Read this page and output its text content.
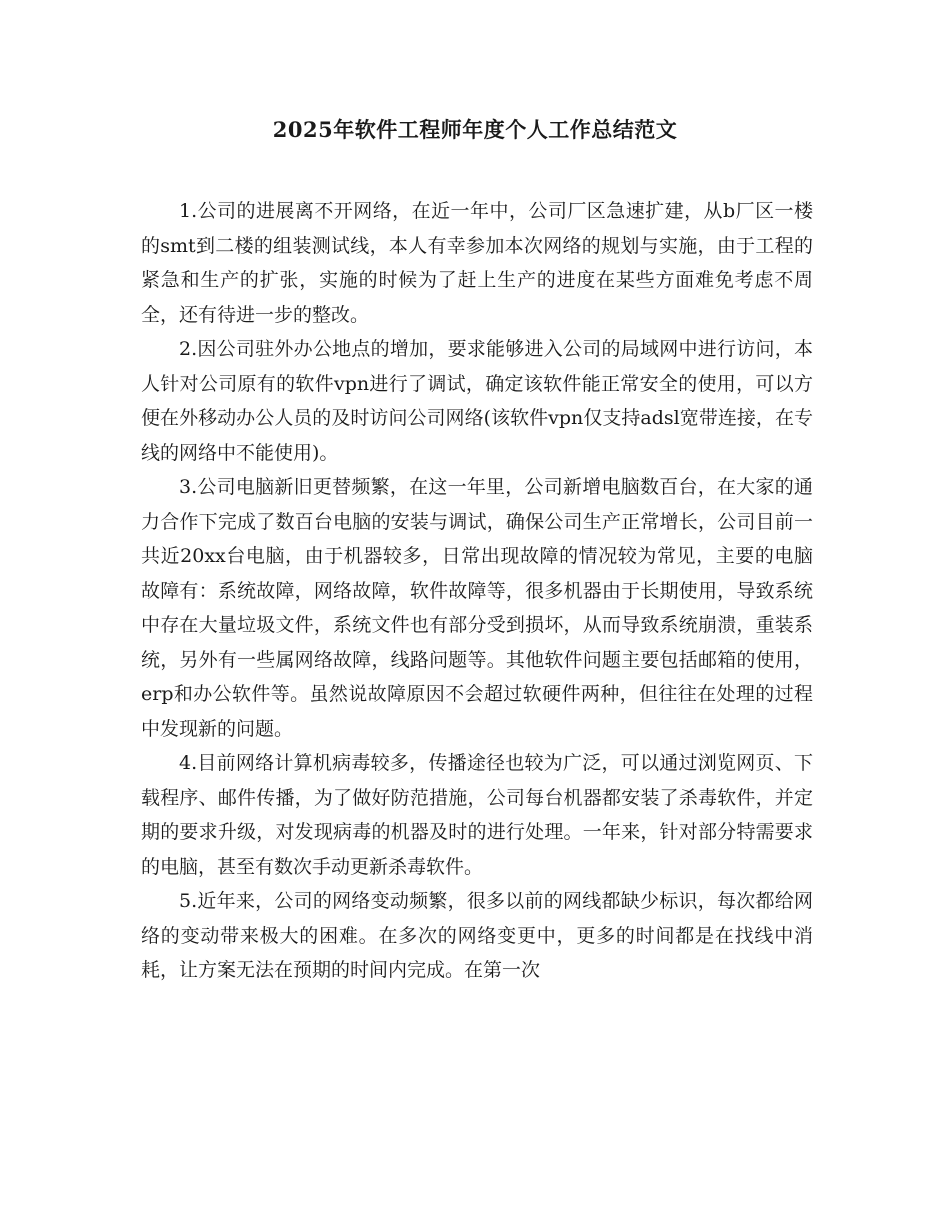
2025年软件工程师年度个人工作总结范文

1.公司的进展离不开网络，在近一年中，公司厂区急速扩建，从b厂区一楼的smt到二楼的组装测试线，本人有幸参加本次网络的规划与实施，由于工程的紧急和生产的扩张，实施的时候为了赶上生产的进度在某些方面难免考虑不周全，还有待进一步的整改。

2.因公司驻外办公地点的增加，要求能够进入公司的局域网中进行访问，本人针对公司原有的软件vpn进行了调试，确定该软件能正常安全的使用，可以方便在外移动办公人员的及时访问公司网络(该软件vpn仅支持adsl宽带连接，在专线的网络中不能使用)。

3.公司电脑新旧更替频繁，在这一年里，公司新增电脑数百台，在大家的通力合作下完成了数百台电脑的安装与调试，确保公司生产正常增长，公司目前一共近20xx台电脑，由于机器较多，日常出现故障的情况较为常见，主要的电脑故障有：系统故障，网络故障，软件故障等，很多机器由于长期使用，导致系统中存在大量垃圾文件，系统文件也有部分受到损坏，从而导致系统崩溃，重装系统，另外有一些属网络故障，线路问题等。其他软件问题主要包括邮箱的使用，erp和办公软件等。虽然说故障原因不会超过软硬件两种，但往往在处理的过程中发现新的问题。

4.目前网络计算机病毒较多，传播途径也较为广泛，可以通过浏览网页、下载程序、邮件传播，为了做好防范措施，公司每台机器都安装了杀毒软件，并定期的要求升级，对发现病毒的机器及时的进行处理。一年来，针对部分特需要求的电脑，甚至有数次手动更新杀毒软件。

5.近年来，公司的网络变动频繁，很多以前的网线都缺少标识，每次都给网络的变动带来极大的困难。在多次的网络变更中，更多的时间都是在找线中消耗，让方案无法在预期的时间内完成。在第一次
